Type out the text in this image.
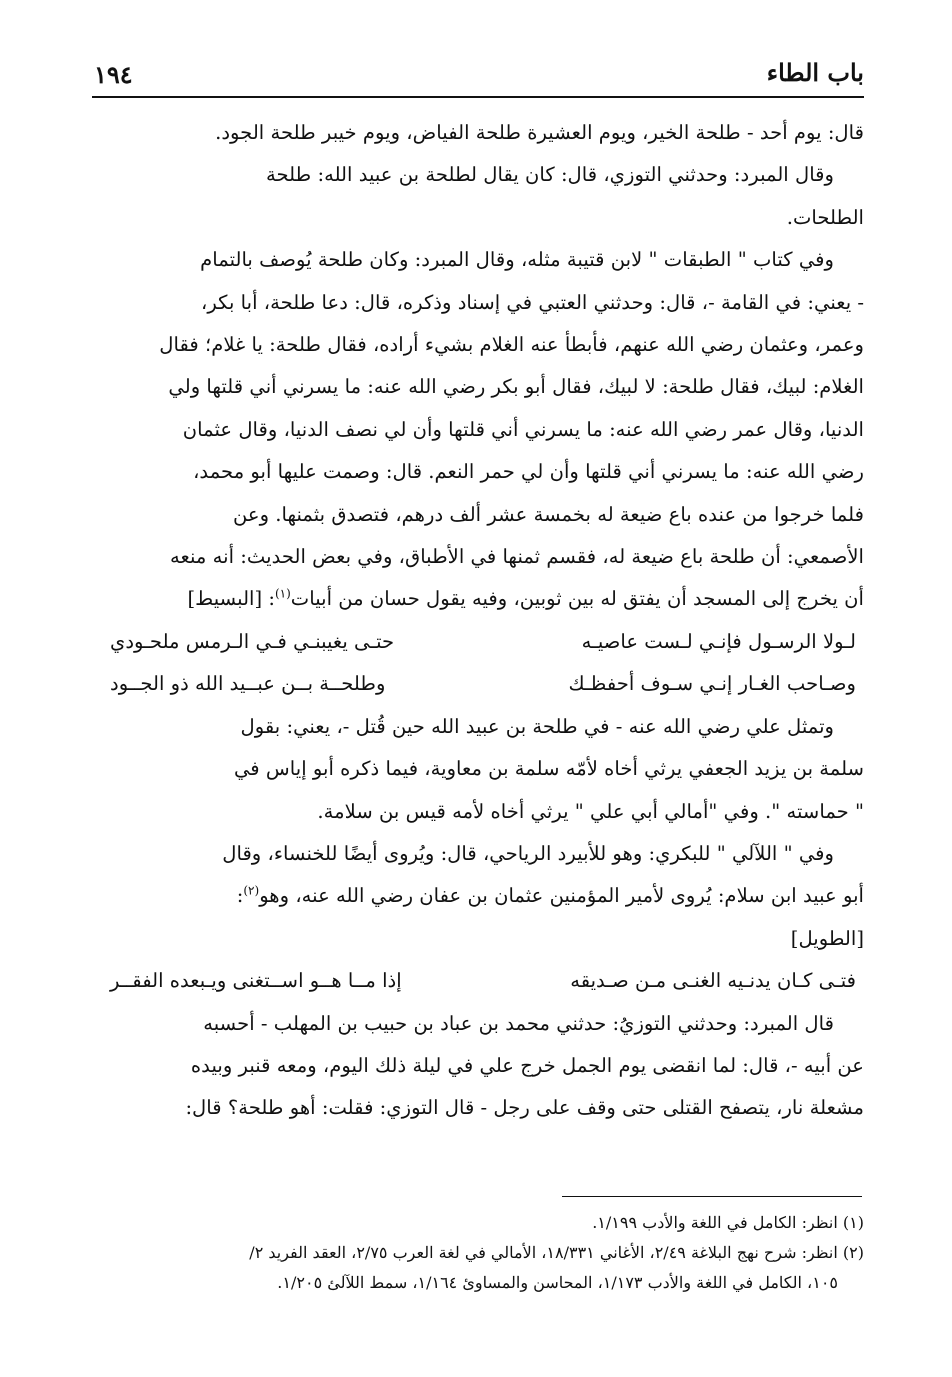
باب الطاء
١٩٤

قال: يوم أحد - طلحة الخير، ويوم العشيرة طلحة الفياض، ويوم خيبر طلحة الجود.

وقال المبرد: وحدثني التوزي، قال: كان يقال لطلحة بن عبيد الله: طلحة

الطلحات.

وفي كتاب " الطبقات " لابن قتيبة مثله، وقال المبرد: وكان طلحة يُوصف بالتمام

- يعني: في القامة -، قال: وحدثني العتبي في إسناد وذكره، قال: دعا طلحة، أبا بكر،

وعمر، وعثمان رضي الله عنهم، فأبطأ عنه الغلام بشيء أراده، فقال طلحة: يا غلام؛ فقال

الغلام: لبيك، فقال طلحة: لا لبيك، فقال أبو بكر رضي الله عنه: ما يسرني أني قلتها ولي

الدنيا، وقال عمر رضي الله عنه: ما يسرني أني قلتها وأن لي نصف الدنيا، وقال عثمان

رضي الله عنه: ما يسرني أني قلتها وأن لي حمر النعم. قال: وصمت عليها أبو محمد،

فلما خرجوا من عنده باع ضيعة له بخمسة عشر ألف درهم، فتصدق بثمنها. وعن

الأصمعي: أن طلحة باع ضيعة له، فقسم ثمنها في الأطباق، وفي بعض الحديث: أنه منعه

أن يخرج إلى المسجد أن يفتق له بين ثوبين، وفيه يقول حسان من أبيات$^{(١)}$: [البسيط]

لـولا الرسـول فإنـي لـست عاصيـه
حتـى يغيبنـي فـي الـرمس ملحـودي
وصـاحب الغـار إنـي سـوف أحفظـك
وطلحــة بــن عبــيد الله ذو الجــود

وتمثل علي رضي الله عنه - في طلحة بن عبيد الله حين قُتل -، يعني: بقول

سلمة بن يزيد الجعفي يرثي أخاه لأمّه سلمة بن معاوية، فيما ذكره أبو إياس في

" حماسته ". وفي "أمالي أبي علي " يرثي أخاه لأمه قيس بن سلامة.

وفي " اللآلي " للبكري: وهو للأبيرد الرياحي، قال: ويُروى أيضًا للخنساء، وقال

أبو عبيد ابن سلام: يُروى لأمير المؤمنين عثمان بن عفان رضي الله عنه، وهو$^{(٢)}$:

[الطويل]

فتـى كـان يدنـيه الغنـى مـن صـديقه
إذا مــا هــو اســتغنى ويـبعده الفقــر

قال المبرد: وحدثني التوزيُ: حدثني محمد بن عباد بن حبيب بن المهلب - أحسبه

عن أبيه -، قال: لما انقضى يوم الجمل خرج علي في ليلة ذلك اليوم، ومعه قنبر وبيده

مشعلة نار، يتصفح القتلى حتى وقف على رجل - قال التوزي: فقلت: أهو طلحة؟ قال:

(١) انظر: الكامل في اللغة والأدب ١/١٩٩.

(٢) انظر: شرح نهج البلاغة ٢/٤٩، الأغاني ١٨/٣٣١، الأمالي في لغة العرب ٢/٧٥، العقد الفريد ٢/

١٠٥، الكامل في اللغة والأدب ١/١٧٣، المحاسن والمساوئ ١/١٦٤، سمط اللآلئ ١/٢٠٥.
